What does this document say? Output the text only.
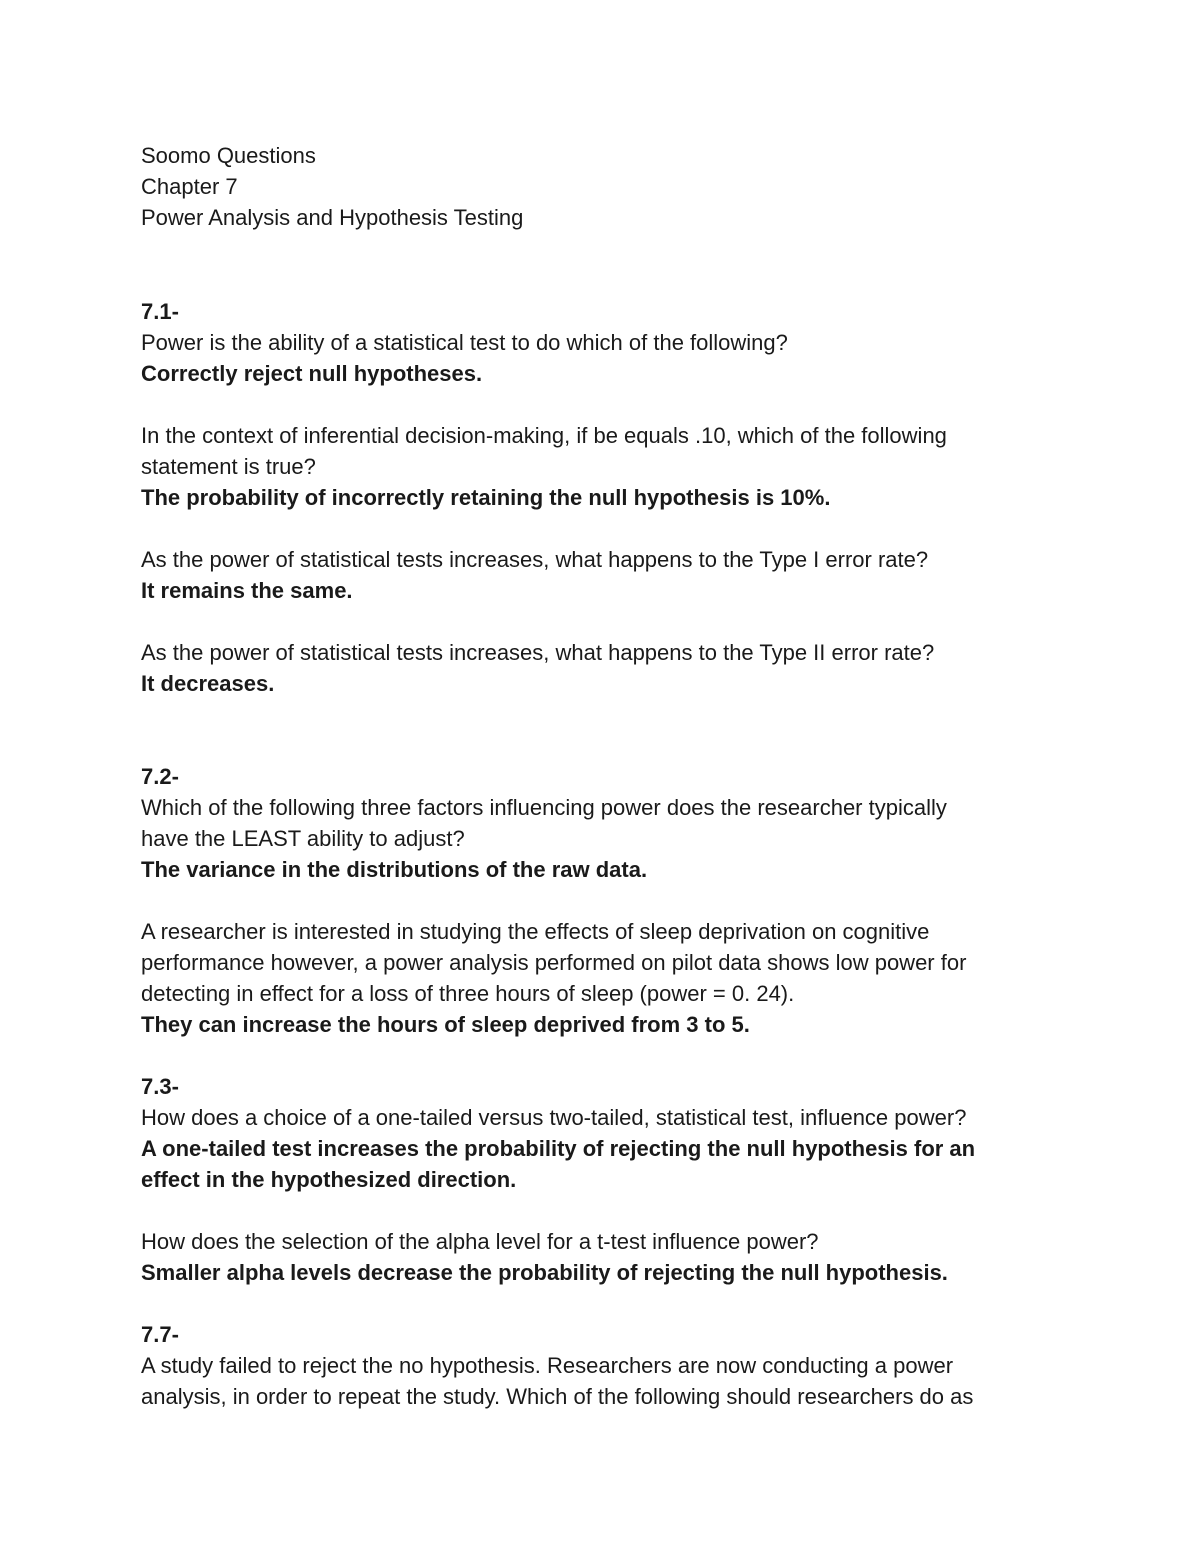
Soomo Questions
Chapter 7
Power Analysis and Hypothesis Testing
7.1-
Power is the ability of a statistical test to do which of the following?
Correctly reject null hypotheses.
In the context of inferential decision-making, if be equals .10, which of the following
statement is true?
The probability of incorrectly retaining the null hypothesis is 10%.
As the power of statistical tests increases, what happens to the Type I error rate?
It remains the same.
As the power of statistical tests increases, what happens to the Type II error rate?
It decreases.
7.2-
Which of the following three factors influencing power does the researcher typically
have the LEAST ability to adjust?
The variance in the distributions of the raw data.
A researcher is interested in studying the effects of sleep deprivation on cognitive
performance however, a power analysis performed on pilot data shows low power for
detecting in effect for a loss of three hours of sleep (power = 0. 24).
They can increase the hours of sleep deprived from 3 to 5.
7.3-
How does a choice of a one-tailed versus two-tailed, statistical test, influence power?
A one-tailed test increases the probability of rejecting the null hypothesis for an
effect in the hypothesized direction.
How does the selection of the alpha level for a t-test influence power?
Smaller alpha levels decrease the probability of rejecting the null hypothesis.
7.7-
A study failed to reject the no hypothesis. Researchers are now conducting a power
analysis, in order to repeat the study. Which of the following should researchers do as
